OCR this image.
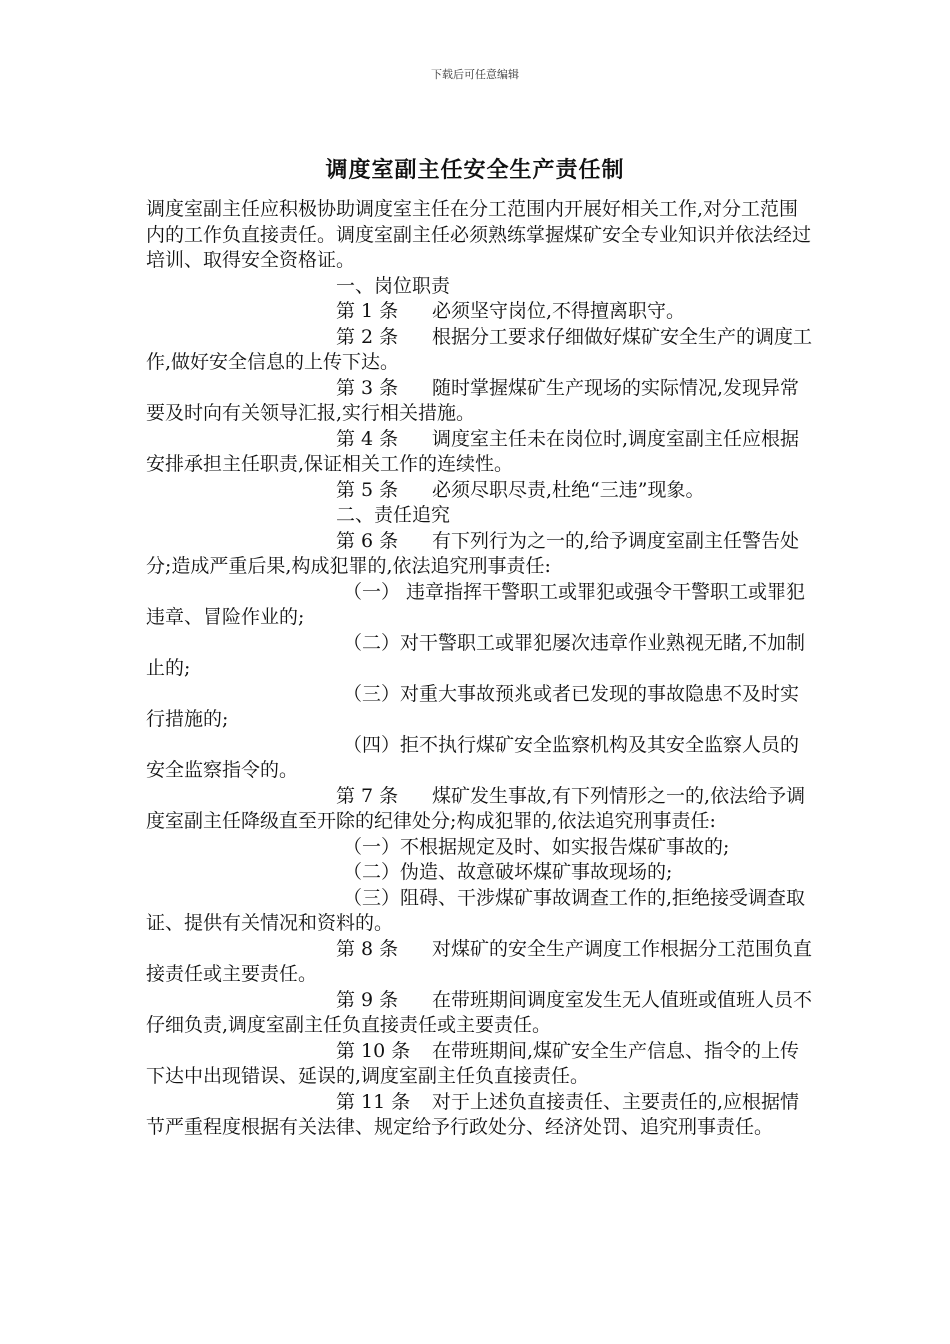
下载后可任意编辑
调度室副主任安全生产责任制

调度室副主任应积极协助调度室主任在分工范围内开展好相关工作,对分工范围内的工作负直接责任。调度室副主任必须熟练掌握煤矿安全专业知识并依法经过培训、取得安全资格证。

一、岗位职责

第 1 条 必须坚守岗位,不得擅离职守。

第 2 条 根据分工要求仔细做好煤矿安全生产的调度工作,做好安全信息的上传下达。

第 3 条 随时掌握煤矿生产现场的实际情况,发现异常要及时向有关领导汇报,实行相关措施。

第 4 条 调度室主任未在岗位时,调度室副主任应根据安排承担主任职责,保证相关工作的连续性。

第 5 条 必须尽职尽责,杜绝“三违”现象。

二、责任追究

第 6 条 有下列行为之一的,给予调度室副主任警告处分;造成严重后果,构成犯罪的,依法追究刑事责任:

（一） 违章指挥干警职工或罪犯或强令干警职工或罪犯违章、冒险作业的;

（二）对干警职工或罪犯屡次违章作业熟视无睹,不加制止的;

（三）对重大事故预兆或者已发现的事故隐患不及时实行措施的;

（四）拒不执行煤矿安全监察机构及其安全监察人员的安全监察指令的。

第 7 条 煤矿发生事故,有下列情形之一的,依法给予调度室副主任降级直至开除的纪律处分;构成犯罪的,依法追究刑事责任:

（一）不根据规定及时、如实报告煤矿事故的;

（二）伪造、故意破坏煤矿事故现场的;

（三）阻碍、干涉煤矿事故调查工作的,拒绝接受调查取证、提供有关情况和资料的。

第 8 条 对煤矿的安全生产调度工作根据分工范围负直接责任或主要责任。

第 9 条 在带班期间调度室发生无人值班或值班人员不仔细负责,调度室副主任负直接责任或主要责任。

第 10 条 在带班期间,煤矿安全生产信息、指令的上传下达中出现错误、延误的,调度室副主任负直接责任。

第 11 条 对于上述负直接责任、主要责任的,应根据情节严重程度根据有关法律、规定给予行政处分、经济处罚、追究刑事责任。
